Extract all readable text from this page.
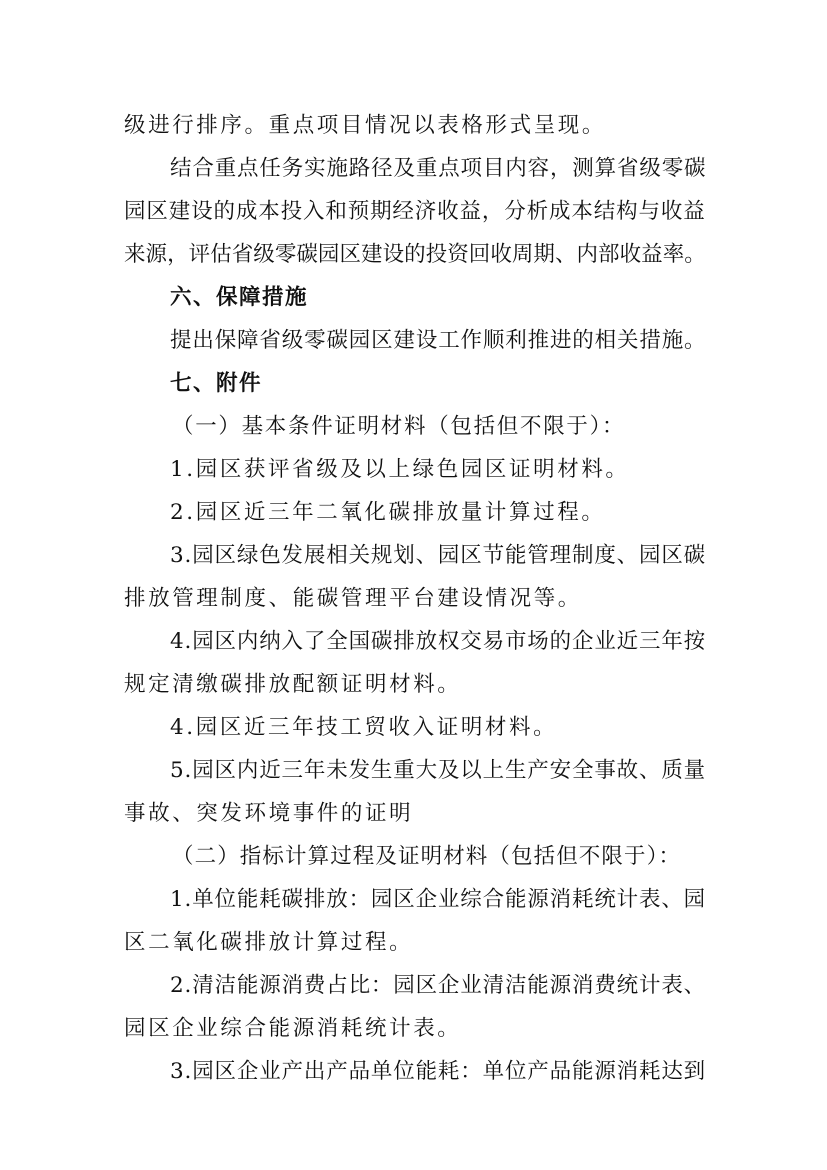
级进行排序。重点项目情况以表格形式呈现。
结合重点任务实施路径及重点项目内容，测算省级零碳
园区建设的成本投入和预期经济收益，分析成本结构与收益
来源，评估省级零碳园区建设的投资回收周期、内部收益率。
六、保障措施
提出保障省级零碳园区建设工作顺利推进的相关措施。
七、附件
（一）基本条件证明材料（包括但不限于）：
1.园区获评省级及以上绿色园区证明材料。
2.园区近三年二氧化碳排放量计算过程。
3.园区绿色发展相关规划、园区节能管理制度、园区碳
排放管理制度、能碳管理平台建设情况等。
4.园区内纳入了全国碳排放权交易市场的企业近三年按
规定清缴碳排放配额证明材料。
4.园区近三年技工贸收入证明材料。
5.园区内近三年未发生重大及以上生产安全事故、质量
事故、突发环境事件的证明
（二）指标计算过程及证明材料（包括但不限于）：
1.单位能耗碳排放：园区企业综合能源消耗统计表、园
区二氧化碳排放计算过程。
2.清洁能源消费占比：园区企业清洁能源消费统计表、
园区企业综合能源消耗统计表。
3.园区企业产出产品单位能耗：单位产品能源消耗达到
